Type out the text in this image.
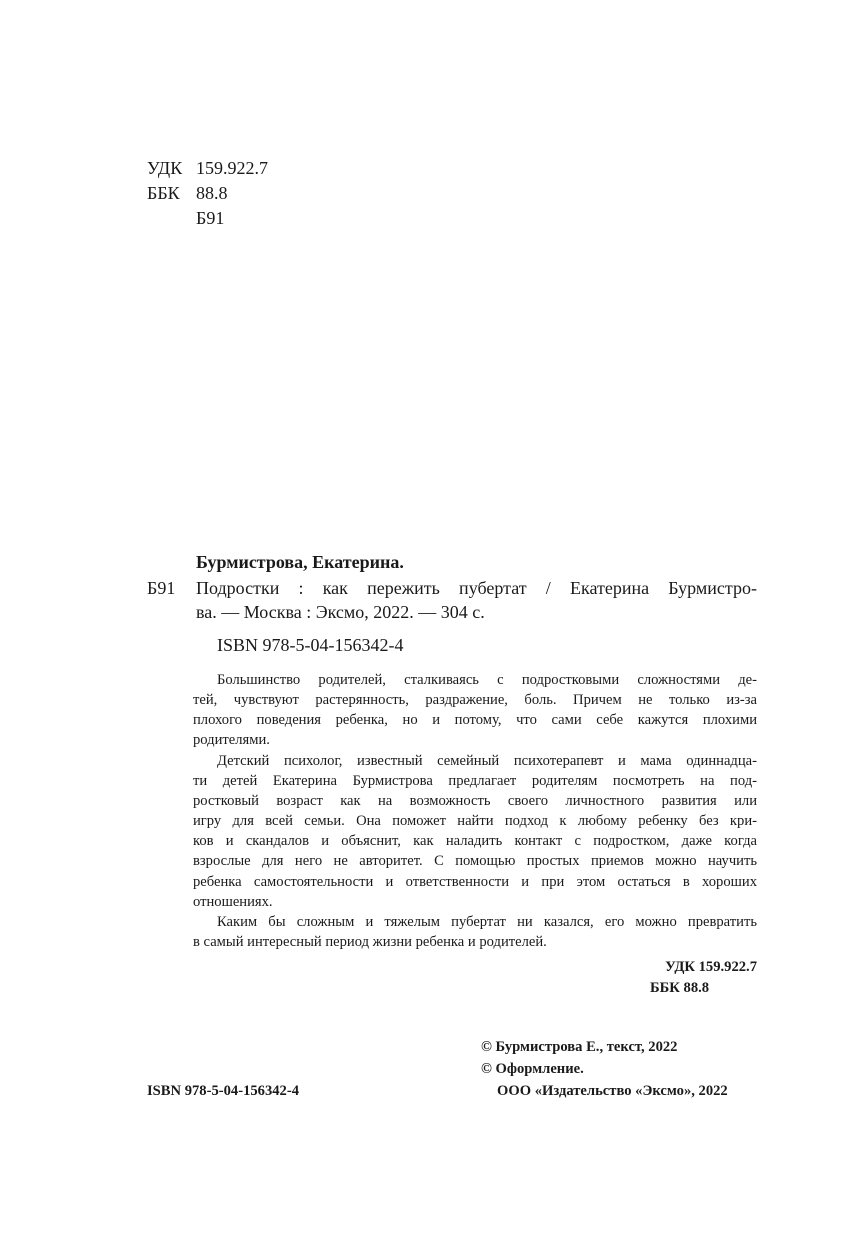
УДК 159.922.7
ББК 88.8
Б91
Бурмистрова, Екатерина.
Б91 Подростки : как пережить пубертат / Екатерина Бурмистро-
ва. — Москва : Эксмо, 2022. — 304 с.
ISBN 978-5-04-156342-4
Большинство родителей, сталкиваясь с подростковыми сложностями де-
тей, чувствуют растерянность, раздражение, боль. Причем не только из-за
плохого поведения ребенка, но и потому, что сами себе кажутся плохими
родителями.
Детский психолог, известный семейный психотерапевт и мама одиннадца-
ти детей Екатерина Бурмистрова предлагает родителям посмотреть на под-
ростковый возраст как на возможность своего личностного развития или
игру для всей семьи. Она поможет найти подход к любому ребенку без кри-
ков и скандалов и объяснит, как наладить контакт с подростком, даже когда
взрослые для него не авторитет. С помощью простых приемов можно научить
ребенка самостоятельности и ответственности и при этом остаться в хороших
отношениях.
Каким бы сложным и тяжелым пубертат ни казался, его можно превратить
в самый интересный период жизни ребенка и родителей.
УДК 159.922.7
ББК 88.8
© Бурмистрова Е., текст, 2022
© Оформление.
ООО «Издательство «Эксмо», 2022
ISBN 978-5-04-156342-4
